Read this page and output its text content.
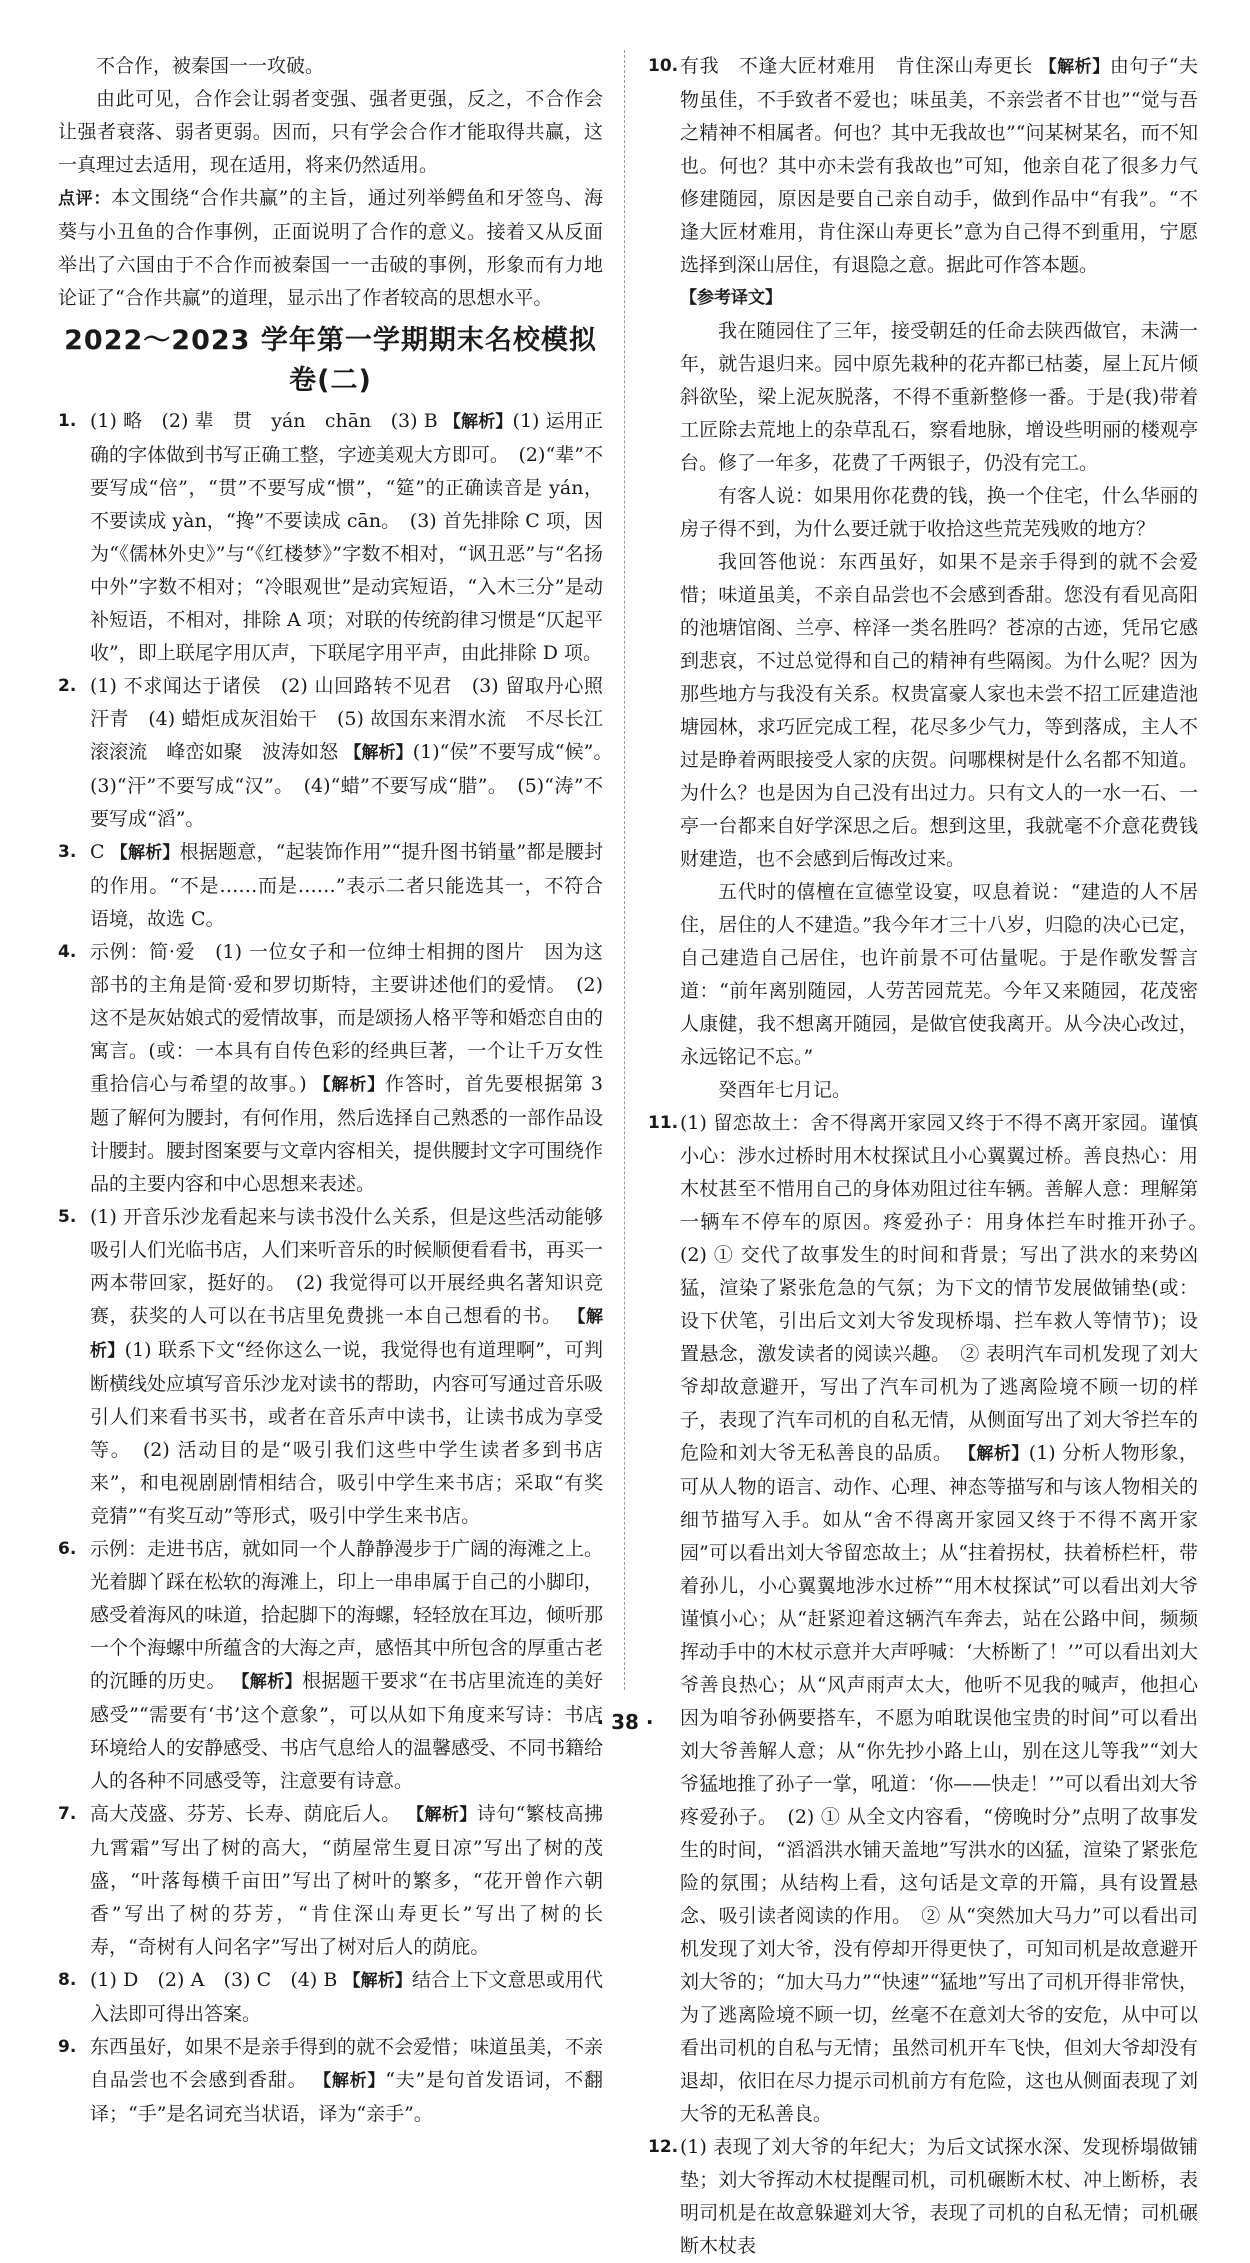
不合作，被秦国一一攻破。

由此可见，合作会让弱者变强、强者更强，反之，不合作会让强者衰落、弱者更弱。因而，只有学会合作才能取得共赢，这一真理过去适用，现在适用，将来仍然适用。

点评：本文围绕“合作共赢”的主旨，通过列举鳄鱼和牙签鸟、海葵与小丑鱼的合作事例，正面说明了合作的意义。接着又从反面举出了六国由于不合作而被秦国一一击破的事例，形象而有力地论证了“合作共赢”的道理，显示出了作者较高的思想水平。

2022～2023 学年第一学期期末名校模拟卷(二)
1. (1) 略　(2) 辈　贯　yán　chān　(3) B 【解析】(1) 运用正确的字体做到书写正确工整，字迹美观大方即可。　(2)“辈”不要写成“倍”，“贯”不要写成“惯”，“筵”的正确读音是 yán，不要读成 yàn，“搀”不要读成 cān。　(3) 首先排除 C 项，因为“《儒林外史》”与“《红楼梦》”字数不相对，“讽丑恶”与“名扬中外”字数不相对；“冷眼观世”是动宾短语，“入木三分”是动补短语，不相对，排除 A 项；对联的传统韵律习惯是“仄起平收”，即上联尾字用仄声，下联尾字用平声，由此排除 D 项。
2. (1) 不求闻达于诸侯　(2) 山回路转不见君　(3) 留取丹心照汗青　(4) 蜡炬成灰泪始干　(5) 故国东来渭水流　不尽长江滚滚流　峰峦如聚　波涛如怒 【解析】(1)“侯”不要写成“候”。　(3)“汗”不要写成“汉”。　(4)“蜡”不要写成“腊”。　(5)“涛”不要写成“滔”。
3. C 【解析】根据题意，“起装饰作用”“提升图书销量”都是腰封的作用。“不是……而是……”表示二者只能选其一，不符合语境，故选 C。
4. 示例：简·爱　(1) 一位女子和一位绅士相拥的图片　因为这部书的主角是简·爱和罗切斯特，主要讲述他们的爱情。　(2) 这不是灰姑娘式的爱情故事，而是颂扬人格平等和婚恋自由的寓言。(或：一本具有自传色彩的经典巨著，一个让千万女性重拾信心与希望的故事。) 【解析】作答时，首先要根据第 3 题了解何为腰封，有何作用，然后选择自己熟悉的一部作品设计腰封。腰封图案要与文章内容相关，提供腰封文字可围绕作品的主要内容和中心思想来表述。
5. (1) 开音乐沙龙看起来与读书没什么关系，但是这些活动能够吸引人们光临书店，人们来听音乐的时候顺便看看书，再买一两本带回家，挺好的。　(2) 我觉得可以开展经典名著知识竞赛，获奖的人可以在书店里免费挑一本自己想看的书。 【解析】(1) 联系下文“经你这么一说，我觉得也有道理啊”，可判断横线处应填写音乐沙龙对读书的帮助，内容可写通过音乐吸引人们来看书买书，或者在音乐声中读书，让读书成为享受等。　(2) 活动目的是“吸引我们这些中学生读者多到书店来”，和电视剧剧情相结合，吸引中学生来书店；采取“有奖竞猜”“有奖互动”等形式，吸引中学生来书店。
6. 示例：走进书店，就如同一个人静静漫步于广阔的海滩之上。光着脚丫踩在松软的海滩上，印上一串串属于自己的小脚印，感受着海风的味道，拾起脚下的海螺，轻轻放在耳边，倾听那一个个海螺中所蕴含的大海之声，感悟其中所包含的厚重古老的沉睡的历史。 【解析】根据题干要求“在书店里流连的美好感受”“需要有‘书’这个意象”，可以从如下角度来写诗：书店环境给人的安静感受、书店气息给人的温馨感受、不同书籍给人的各种不同感受等，注意要有诗意。
7. 高大茂盛、芬芳、长寿、荫庇后人。 【解析】诗句“繁枝高拂九霄霜”写出了树的高大，“荫屋常生夏日凉”写出了树的茂盛，“叶落每横千亩田”写出了树叶的繁多，“花开曾作六朝香”写出了树的芬芳，“肯住深山寿更长”写出了树的长寿，“奇树有人问名字”写出了树对后人的荫庇。
8. (1) D　(2) A　(3) C　(4) B 【解析】结合上下文意思或用代入法即可得出答案。
9. 东西虽好，如果不是亲手得到的就不会爱惜；味道虽美，不亲自品尝也不会感到香甜。 【解析】“夫”是句首发语词，不翻译；“手”是名词充当状语，译为“亲手”。
10. 有我　不逢大匠材难用　肯住深山寿更长 【解析】由句子“夫物虽佳，不手致者不爱也；味虽美，不亲尝者不甘也”“觉与吾之精神不相属者。何也？其中无我故也”“问某树某名，而不知也。何也？其中亦未尝有我故也”可知，他亲自花了很多力气修建随园，原因是要自己亲自动手，做到作品中“有我”。“不逢大匠材难用，肯住深山寿更长”意为自己得不到重用，宁愿选择到深山居住，有退隐之意。据此可作答本题。

【参考译文】

我在随园住了三年，接受朝廷的任命去陕西做官，未满一年，就告退归来。园中原先栽种的花卉都已枯萎，屋上瓦片倾斜欲坠，梁上泥灰脱落，不得不重新整修一番。于是(我)带着工匠除去荒地上的杂草乱石，察看地脉，增设些明丽的楼观亭台。修了一年多，花费了千两银子，仍没有完工。

有客人说：如果用你花费的钱，换一个住宅，什么华丽的房子得不到，为什么要迁就于收拾这些荒芜残败的地方？

我回答他说：东西虽好，如果不是亲手得到的就不会爱惜；味道虽美，不亲自品尝也不会感到香甜。您没有看见高阳的池塘馆阁、兰亭、梓泽一类名胜吗？苍凉的古迹，凭吊它感到悲哀，不过总觉得和自己的精神有些隔阂。为什么呢？因为那些地方与我没有关系。权贵富豪人家也未尝不招工匠建造池塘园林，求巧匠完成工程，花尽多少气力，等到落成，主人不过是睁着两眼接受人家的庆贺。问哪棵树是什么名都不知道。为什么？也是因为自己没有出过力。只有文人的一水一石、一亭一台都来自好学深思之后。想到这里，我就毫不介意花费钱财建造，也不会感到后悔改过来。

五代时的僖檀在宣德堂设宴，叹息着说：“建造的人不居住，居住的人不建造。”我今年才三十八岁，归隐的决心已定，自己建造自己居住，也许前景不可估量呢。于是作歌发誓言道：“前年离别随园，人劳苦园荒芜。今年又来随园，花茂密人康健，我不想离开随园，是做官使我离开。从今决心改过，永远铭记不忘。”

癸酉年七月记。

11. (1) 留恋故土：舍不得离开家园又终于不得不离开家园。谨慎小心：涉水过桥时用木杖探试且小心翼翼过桥。善良热心：用木杖甚至不惜用自己的身体劝阻过往车辆。善解人意：理解第一辆车不停车的原因。疼爱孙子：用身体拦车时推开孙子。　(2) ① 交代了故事发生的时间和背景；写出了洪水的来势凶猛，渲染了紧张危急的气氛；为下文的情节发展做铺垫(或：设下伏笔，引出后文刘大爷发现桥塌、拦车救人等情节)；设置悬念，激发读者的阅读兴趣。　② 表明汽车司机发现了刘大爷却故意避开，写出了汽车司机为了逃离险境不顾一切的样子，表现了汽车司机的自私无情，从侧面写出了刘大爷拦车的危险和刘大爷无私善良的品质。 【解析】(1) 分析人物形象，可从人物的语言、动作、心理、神态等描写和与该人物相关的细节描写入手。如从“舍不得离开家园又终于不得不离开家园”可以看出刘大爷留恋故土；从“拄着拐杖，扶着桥栏杆，带着孙儿，小心翼翼地涉水过桥”“用木杖探试”可以看出刘大爷谨慎小心；从“赶紧迎着这辆汽车奔去，站在公路中间，频频挥动手中的木杖示意并大声呼喊：‘大桥断了！’”可以看出刘大爷善良热心；从“风声雨声太大，他听不见我的喊声，他担心因为咱爷孙俩要搭车，不愿为咱耽误他宝贵的时间”可以看出刘大爷善解人意；从“你先抄小路上山，别在这儿等我”“刘大爷猛地推了孙子一掌，吼道：‘你——快走！’”可以看出刘大爷疼爱孙子。　(2) ① 从全文内容看，“傍晚时分”点明了故事发生的时间，“滔滔洪水铺天盖地”写洪水的凶猛，渲染了紧张危险的氛围；从结构上看，这句话是文章的开篇，具有设置悬念、吸引读者阅读的作用。　② 从“突然加大马力”可以看出司机发现了刘大爷，没有停却开得更快了，可知司机是故意避开刘大爷的；“加大马力”“快速”“猛地”写出了司机开得非常快，为了逃离险境不顾一切，丝毫不在意刘大爷的安危，从中可以看出司机的自私与无情；虽然司机开车飞快，但刘大爷却没有退却，依旧在尽力提示司机前方有危险，这也从侧面表现了刘大爷的无私善良。
12. (1) 表现了刘大爷的年纪大；为后文试探水深、发现桥塌做铺垫；刘大爷挥动木杖提醒司机，司机碾断木杖、冲上断桥，表明司机是在故意躲避刘大爷，表现了司机的自私无情；司机碾断木杖表
· 38 ·
